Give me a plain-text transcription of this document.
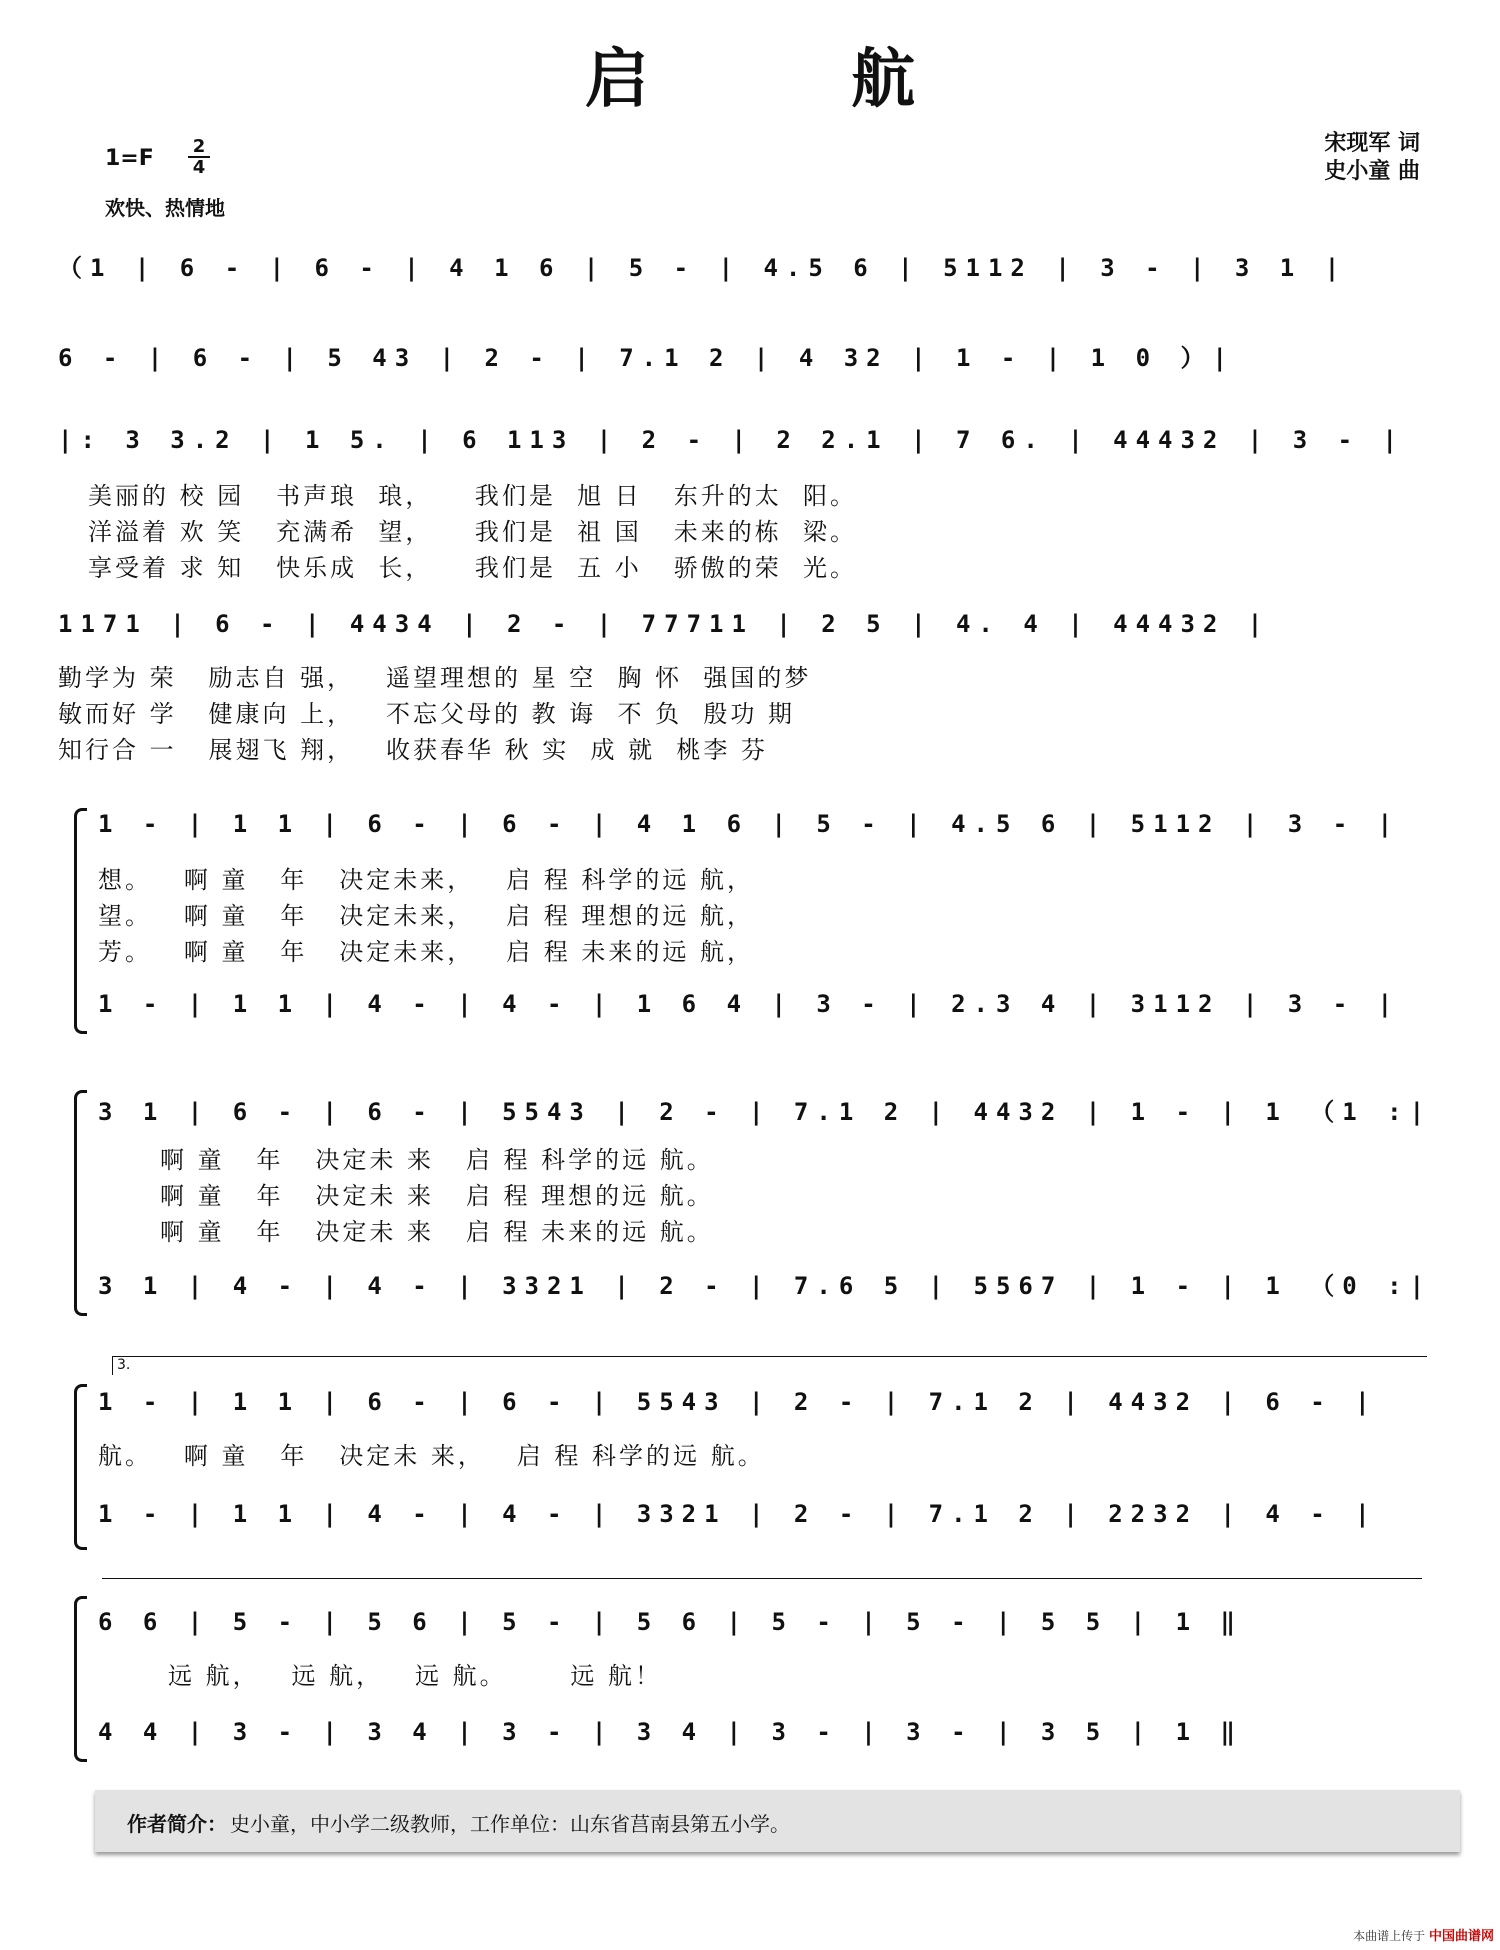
启 航
宋现军 词
史小童 曲
1=F 2
4
欢快、热情地
（1 | 6 - | 6 - | 4 1 6 | 5 - | 4.5 6 | 5112 | 3 - | 3 1 |
6 - | 6 - | 5 43 | 2 - | 7.1 2 | 4 32 | 1 - | 1 0 ）|
|: 3 3.2 | 1 5. | 6 113 | 2 - | 2 2.1 | 7 6. | 44432 | 3 - |
美丽的 校 园   书声琅  琅，    我们是  旭 日   东升的太  阳。
洋溢着 欢 笑   充满希  望，    我们是  祖 国   未来的栋  梁。
享受着 求 知   快乐成  长，    我们是  五 小   骄傲的荣  光。
1171 | 6 - | 4434 | 2 - | 77711 | 2 5 | 4. 4 | 44432 |
勤学为 荣   励志自 强，   遥望理想的 星 空  胸 怀  强国的梦
敏而好 学   健康向 上，   不忘父母的 教 诲  不 负  殷功 期
知行合 一   展翅飞 翔，   收获春华 秋 实  成 就  桃李 芬
1 - | 1 1 | 6 - | 6 - | 4 1 6 | 5 - | 4.5 6 | 5112 | 3 - |
想。   啊 童   年   决定未来，   启 程 科学的远 航，
望。   啊 童   年   决定未来，   启 程 理想的远 航，
芳。   啊 童   年   决定未来，   启 程 未来的远 航，
1 - | 1 1 | 4 - | 4 - | 1 6 4 | 3 - | 2.3 4 | 3112 | 3 - |
3 1 | 6 - | 6 - | 5543 | 2 - | 7.1 2 | 4432 | 1 - | 1 （1 :|
啊 童   年   决定未 来   启 程 科学的远 航。
啊 童   年   决定未 来   启 程 理想的远 航。
啊 童   年   决定未 来   启 程 未来的远 航。
3 1 | 4 - | 4 - | 3321 | 2 - | 7.6 5 | 5567 | 1 - | 1 （0 :|
3.
1 - | 1 1 | 6 - | 6 - | 5543 | 2 - | 7.1 2 | 4432 | 6 - |
航。   啊 童   年   决定未 来，   启 程 科学的远 航。
1 - | 1 1 | 4 - | 4 - | 3321 | 2 - | 7.1 2 | 2232 | 4 - |
6 6 | 5 - | 5 6 | 5 - | 5 6 | 5 - | 5 - | 5 5 | 1 ‖
远 航，   远 航，   远 航。      远 航！
4 4 | 3 - | 3 4 | 3 - | 3 4 | 3 - | 3 - | 3 5 | 1 ‖
作者简介： 史小童，中小学二级教师，工作单位：山东省莒南县第五小学。
本曲谱上传于 中国曲谱网
